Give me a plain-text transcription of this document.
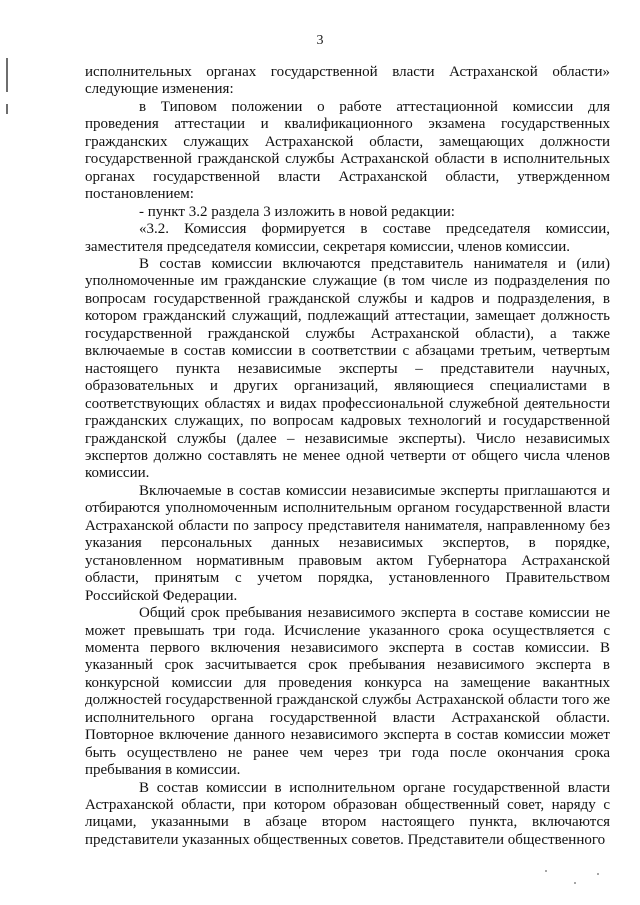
3

исполнительных органах государственной власти Астраханской области» следующие изменения:

в Типовом положении о работе аттестационной комиссии для проведения аттестации и квалификационного экзамена государственных гражданских служащих Астраханской области, замещающих должности государственной гражданской службы Астраханской области в исполнительных органах государственной власти Астраханской области, утвержденном постановлением:

- пункт 3.2 раздела 3 изложить в новой редакции:

«3.2. Комиссия формируется в составе председателя комиссии, заместителя председателя комиссии, секретаря комиссии, членов комиссии.

В состав комиссии включаются представитель нанимателя и (или) уполномоченные им гражданские служащие (в том числе из подразделения по вопросам государственной гражданской службы и кадров и подразделения, в котором гражданский служащий, подлежащий аттестации, замещает должность государственной гражданской службы Астраханской области), а также включаемые в состав комиссии в соответствии с абзацами третьим, четвертым настоящего пункта независимые эксперты – представители научных, образовательных и других организаций, являющиеся специалистами в соответствующих областях и видах профессиональной служебной деятельности гражданских служащих, по вопросам кадровых технологий и государственной гражданской службы (далее – независимые эксперты). Число независимых экспертов должно составлять не менее одной четверти от общего числа членов комиссии.

Включаемые в состав комиссии независимые эксперты приглашаются и отбираются уполномоченным исполнительным органом государственной власти Астраханской области по запросу представителя нанимателя, направленному без указания персональных данных независимых экспертов, в порядке, установленном нормативным правовым актом Губернатора Астраханской области, принятым с учетом порядка, установленного Правительством Российской Федерации.

Общий срок пребывания независимого эксперта в составе комиссии не может превышать три года. Исчисление указанного срока осуществляется с момента первого включения независимого эксперта в состав комиссии. В указанный срок засчитывается срок пребывания независимого эксперта в конкурсной комиссии для проведения конкурса на замещение вакантных должностей государственной гражданской службы Астраханской области того же исполнительного органа государственной власти Астраханской области. Повторное включение данного независимого эксперта в состав комиссии может быть осуществлено не ранее чем через три года после окончания срока пребывания в комиссии.

В состав комиссии в исполнительном органе государственной власти Астраханской области, при котором образован общественный совет, наряду с лицами, указанными в абзаце втором настоящего пункта, включаются представители указанных общественных советов. Представители общественного
